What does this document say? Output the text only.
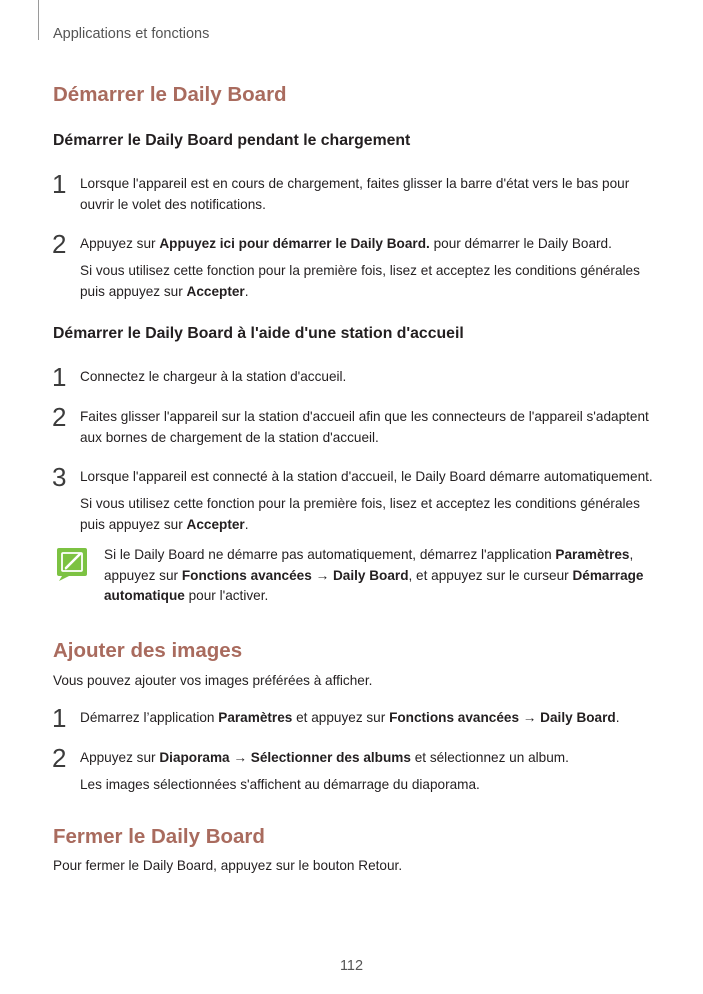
Applications et fonctions
Démarrer le Daily Board
Démarrer le Daily Board pendant le chargement
1 Lorsque l'appareil est en cours de chargement, faites glisser la barre d'état vers le bas pour ouvrir le volet des notifications.
2 Appuyez sur Appuyez ici pour démarrer le Daily Board. pour démarrer le Daily Board.
Si vous utilisez cette fonction pour la première fois, lisez et acceptez les conditions générales puis appuyez sur Accepter.
Démarrer le Daily Board à l'aide d'une station d'accueil
1 Connectez le chargeur à la station d'accueil.
2 Faites glisser l'appareil sur la station d'accueil afin que les connecteurs de l'appareil s'adaptent aux bornes de chargement de la station d'accueil.
3 Lorsque l'appareil est connecté à la station d'accueil, le Daily Board démarre automatiquement.
Si vous utilisez cette fonction pour la première fois, lisez et acceptez les conditions générales puis appuyez sur Accepter.
Si le Daily Board ne démarre pas automatiquement, démarrez l'application Paramètres, appuyez sur Fonctions avancées → Daily Board, et appuyez sur le curseur Démarrage automatique pour l'activer.
Ajouter des images
Vous pouvez ajouter vos images préférées à afficher.
1 Démarrez l’application Paramètres et appuyez sur Fonctions avancées → Daily Board.
2 Appuyez sur Diaporama → Sélectionner des albums et sélectionnez un album.
Les images sélectionnées s'affichent au démarrage du diaporama.
Fermer le Daily Board
Pour fermer le Daily Board, appuyez sur le bouton Retour.
112
